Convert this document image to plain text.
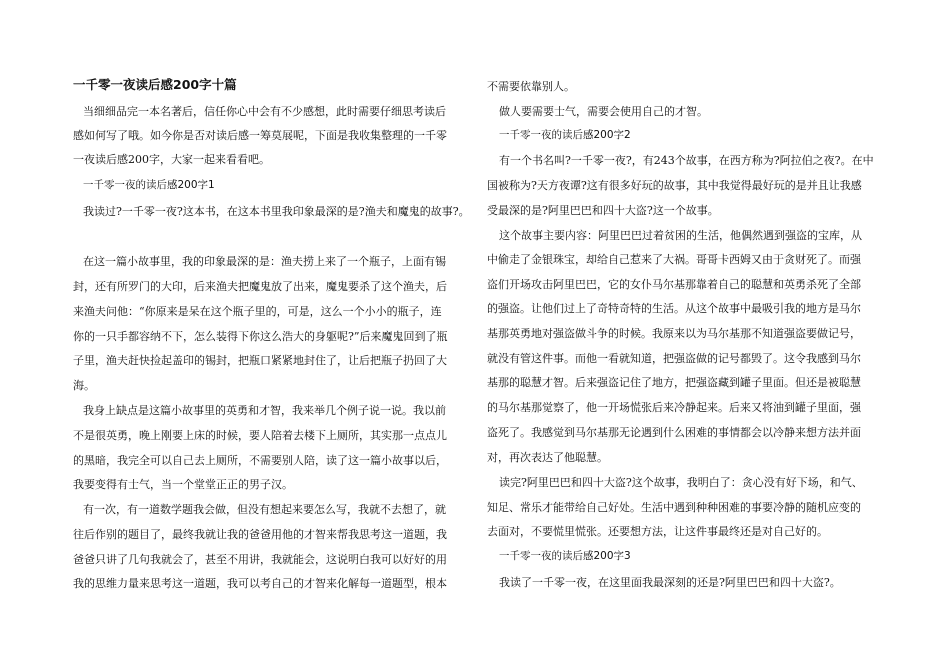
一千零一夜读后感200字十篇
当细细品完一本名著后，信任你心中会有不少感想，此时需要仔细思考读后
感如何写了哦。如今你是否对读后感一筹莫展呢，下面是我收集整理的一千零
一夜读后感200字，大家一起来看看吧。
一千零一夜的读后感200字1
我读过?一千零一夜?这本书，在这本书里我印象最深的是?渔夫和魔鬼的故事?。
在这一篇小故事里，我的印象最深的是：渔夫捞上来了一个瓶子，上面有锡
封，还有所罗门的大印，后来渔夫把魔鬼放了出来，魔鬼要杀了这个渔夫，后
来渔夫问他：“你原来是呆在这个瓶子里的，可是，这么一个小小的瓶子，连
你的一只手都容纳不下，怎么装得下你这么浩大的身躯呢?”后来魔鬼回到了瓶
子里，渔夫赶快捡起盖印的锡封，把瓶口紧紧地封住了，让后把瓶子扔回了大
海。
我身上缺点是这篇小故事里的英勇和才智，我来举几个例子说一说。我以前
不是很英勇，晚上刚要上床的时候，要人陪着去楼下上厕所，其实那一点点儿
的黑暗，我完全可以自己去上厕所，不需要别人陪，读了这一篇小故事以后，
我要变得有士气，当一个堂堂正正的男子汉。
有一次，有一道数学题我会做，但没有想起来要怎么写，我就不去想了，就
往后作别的题目了，最终我就让我的爸爸用他的才智来帮我思考这一道题，我
爸爸只讲了几句我就会了，甚至不用讲，我就能会，这说明白我可以好好的用
我的思维力量来思考这一道题，我可以考自己的才智来化解每一道题型，根本
不需要依靠别人。
做人要需要士气，需要会使用自己的才智。
一千零一夜的读后感200字2
有一个书名叫?一千零一夜?，有243个故事，在西方称为?阿拉伯之夜?。在中
国被称为?天方夜谭?这有很多好玩的故事，其中我觉得最好玩的是并且让我感
受最深的是?阿里巴巴和四十大盗?这一个故事。
这个故事主要内容：阿里巴巴过着贫困的生活，他偶然遇到强盗的宝库，从
中偷走了金银珠宝，却给自己惹来了大祸。哥哥卡西姆又由于贪财死了。而强
盗们开场攻击阿里巴巴，它的女仆马尔基那靠着自己的聪慧和英勇杀死了全部
的强盗。让他们过上了奇特奇特的生活。从这个故事中最吸引我的地方是马尔
基那英勇地对强盗做斗争的时候。我原来以为马尔基那不知道强盗要做记号，
就没有管这件事。而他一看就知道，把强盗做的记号都毁了。这令我感到马尔
基那的聪慧才智。后来强盗记住了地方，把强盗藏到罐子里面。但还是被聪慧
的马尔基那觉察了，他一开场慌张后来冷静起来。后来又将油到罐子里面，强
盗死了。我感觉到马尔基那无论遇到什么困难的事情都会以冷静来想方法并面
对，再次表达了他聪慧。
读完?阿里巴巴和四十大盗?这个故事，我明白了：贪心没有好下场，和气、
知足、常乐才能带给自己好处。生活中遇到种种困难的事要冷静的随机应变的
去面对，不要慌里慌张。还要想方法，让这件事最终还是对自己好的。
一千零一夜的读后感200字3
我读了一千零一夜，在这里面我最深刻的还是?阿里巴巴和四十大盗?。
